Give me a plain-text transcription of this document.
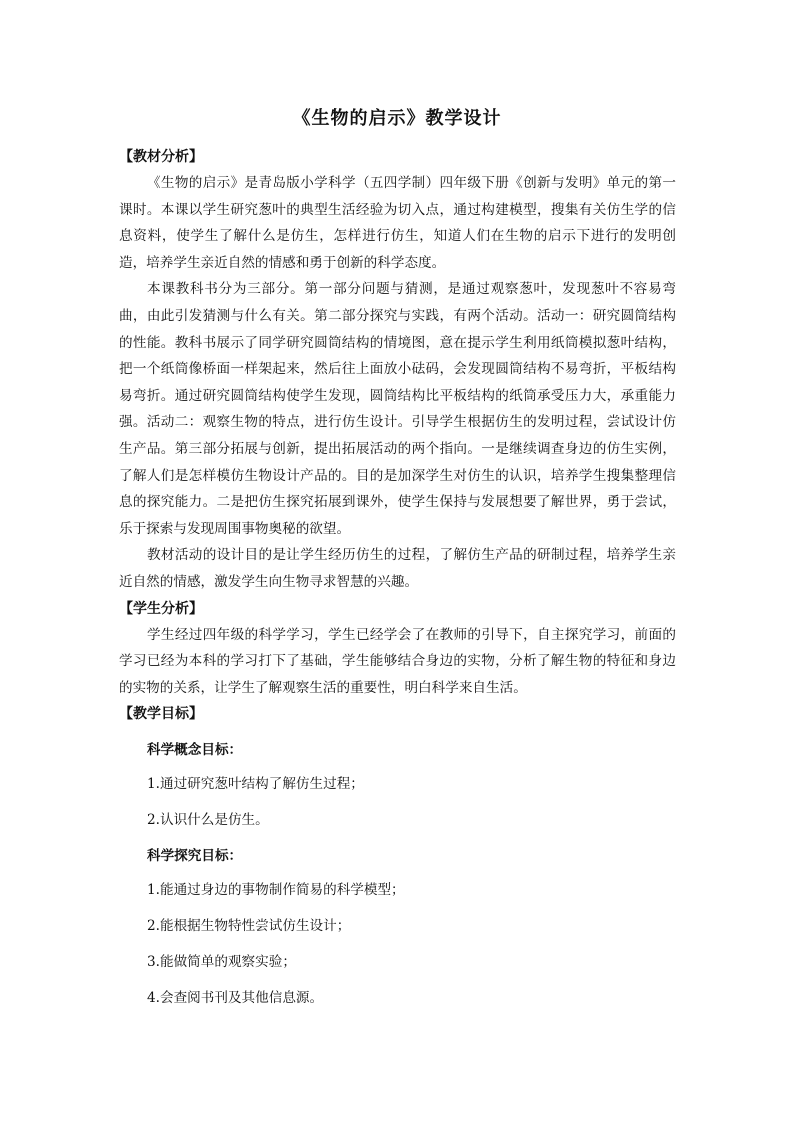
《生物的启示》教学设计

【教材分析】

《生物的启示》是青岛版小学科学（五四学制）四年级下册《创新与发明》单元的第一课时。本课以学生研究葱叶的典型生活经验为切入点，通过构建模型，搜集有关仿生学的信息资料，使学生了解什么是仿生，怎样进行仿生，知道人们在生物的启示下进行的发明创造，培养学生亲近自然的情感和勇于创新的科学态度。

本课教科书分为三部分。第一部分问题与猜测，是通过观察葱叶，发现葱叶不容易弯曲，由此引发猜测与什么有关。第二部分探究与实践，有两个活动。活动一：研究圆筒结构的性能。教科书展示了同学研究圆筒结构的情境图，意在提示学生利用纸筒模拟葱叶结构，把一个纸筒像桥面一样架起来，然后往上面放小砝码，会发现圆筒结构不易弯折，平板结构易弯折。通过研究圆筒结构使学生发现，圆筒结构比平板结构的纸筒承受压力大，承重能力强。活动二：观察生物的特点，进行仿生设计。引导学生根据仿生的发明过程，尝试设计仿生产品。第三部分拓展与创新，提出拓展活动的两个指向。一是继续调查身边的仿生实例，了解人们是怎样模仿生物设计产品的。目的是加深学生对仿生的认识，培养学生搜集整理信息的探究能力。二是把仿生探究拓展到课外，使学生保持与发展想要了解世界，勇于尝试，乐于探索与发现周围事物奥秘的欲望。

教材活动的设计目的是让学生经历仿生的过程，了解仿生产品的研制过程，培养学生亲近自然的情感，激发学生向生物寻求智慧的兴趣。

【学生分析】

学生经过四年级的科学学习，学生已经学会了在教师的引导下，自主探究学习，前面的学习已经为本科的学习打下了基础，学生能够结合身边的实物，分析了解生物的特征和身边的实物的关系，让学生了解观察生活的重要性，明白科学来自生活。

【教学目标】

科学概念目标：

1.通过研究葱叶结构了解仿生过程；

2.认识什么是仿生。

科学探究目标：

1.能通过身边的事物制作简易的科学模型；

2.能根据生物特性尝试仿生设计；

3.能做简单的观察实验；

4.会查阅书刊及其他信息源。
